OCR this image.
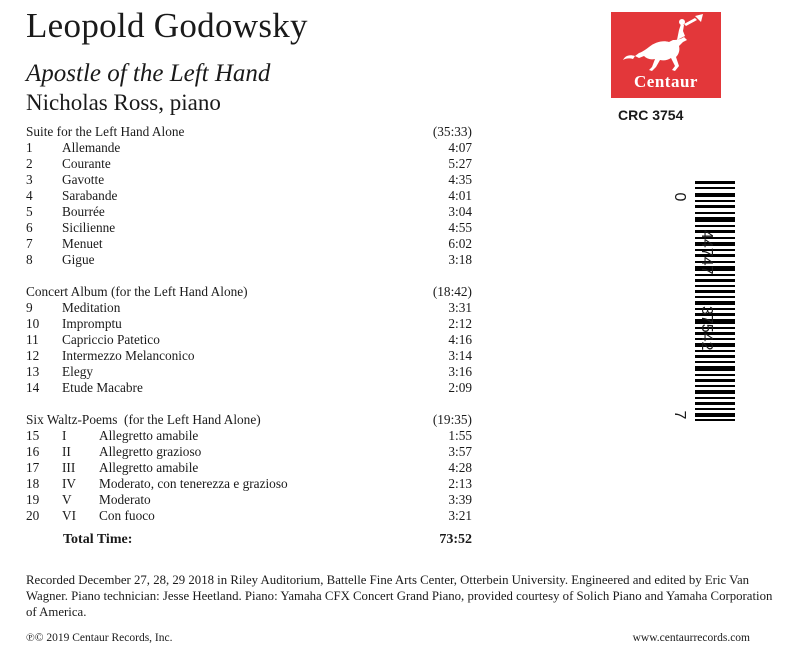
Leopold Godowsky
Apostle of the Left Hand
Nicholas Ross, piano
Centaur
CRC 3754
0
44747
37542
7
Suite for the Left Hand Alone	(35:33)
1 Allemande	4:07
2 Courante	5:27
3 Gavotte	4:35
4 Sarabande	4:01
5 Bourrée	3:04
6 Sicilienne	4:55
7 Menuet	6:02
8 Gigue	3:18
Concert Album (for the Left Hand Alone)	(18:42)
9 Meditation	3:31
10 Impromptu	2:12
11 Capriccio Patetico	4:16
12 Intermezzo Melanconico	3:14
13 Elegy	3:16
14 Etude Macabre	2:09
Six Waltz-Poems (for the Left Hand Alone)	(19:35)
15 I Allegretto amabile	1:55
16 II Allegretto grazioso	3:57
17 III Allegretto amabile	4:28
18 IV Moderato, con tenerezza e grazioso	2:13
19 V Moderato	3:39
20 VI Con fuoco	3:21
Total Time:	73:52
Recorded December 27, 28, 29 2018 in Riley Auditorium, Battelle Fine Arts Center, Otterbein University. Engineered and edited by Eric Van Wagner. Piano technician: Jesse Heetland. Piano: Yamaha CFX Concert Grand Piano, provided courtesy of Solich Piano and Yamaha Corporation of America.
℗© 2019 Centaur Records, Inc.	www.centaurrecords.com
